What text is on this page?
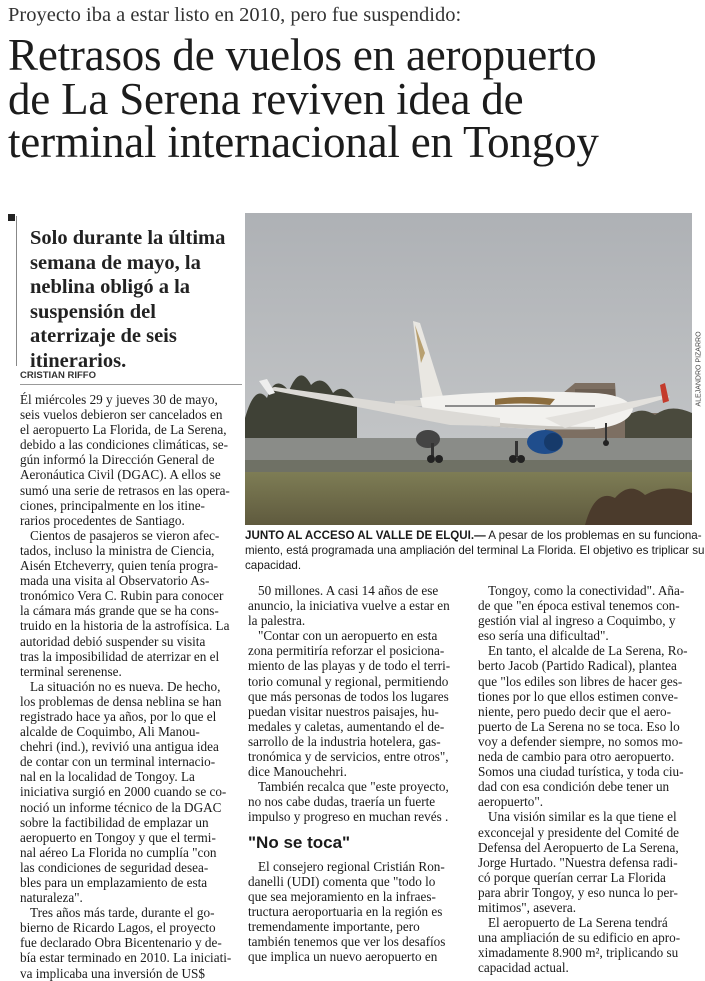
Proyecto iba a estar listo en 2010, pero fue suspendido:
Retrasos de vuelos en aeropuerto
de La Serena reviven idea de
terminal internacional en Tongoy
Solo durante la última
semana de mayo, la
neblina obligó a la
suspensión del
aterrizaje de seis
itinerarios.
CRISTIAN RIFFO	ALEJANDRO PIZARRO
JUNTO AL ACCESO AL VALLE DE ELQUI.— A pesar de los problemas en su funciona-
miento, está programada una ampliación del terminal La Florida. El objetivo es triplicar su
capacidad.
Él miércoles 29 y jueves 30 de mayo,
seis vuelos debieron ser cancelados en
el aeropuerto La Florida, de La Serena,
debido a las condiciones climáticas, se-
gún informó la Dirección General de
Aeronáutica Civil (DGAC). A ellos se
sumó una serie de retrasos en las opera-
ciones, principalmente en los itine-
rarios procedentes de Santiago.
Cientos de pasajeros se vieron afec-
tados, incluso la ministra de Ciencia,
Aisén Etcheverry, quien tenía progra-
mada una visita al Observatorio As-
tronómico Vera C. Rubin para conocer
la cámara más grande que se ha cons-
truido en la historia de la astrofísica. La
autoridad debió suspender su visita
tras la imposibilidad de aterrizar en el
terminal serenense.
La situación no es nueva. De hecho,
los problemas de densa neblina se han
registrado hace ya años, por lo que el
alcalde de Coquimbo, Ali Manou-
chehri (ind.), revivió una antigua idea
de contar con un terminal internacio-
nal en la localidad de Tongoy. La
iniciativa surgió en 2000 cuando se co-
noció un informe técnico de la DGAC
sobre la factibilidad de emplazar un
aeropuerto en Tongoy y que el termi-
nal aéreo La Florida no cumplía "con
las condiciones de seguridad desea-
bles para un emplazamiento de esta
naturaleza".
Tres años más tarde, durante el go-
bierno de Ricardo Lagos, el proyecto
fue declarado Obra Bicentenario y de-
bía estar terminado en 2010. La iniciati-
va implicaba una inversión de US$
50 millones. A casi 14 años de ese
anuncio, la iniciativa vuelve a estar en
la palestra.
"Contar con un aeropuerto en esta
zona permitiría reforzar el posiciona-
miento de las playas y de todo el terri-
torio comunal y regional, permitiendo
que más personas de todos los lugares
puedan visitar nuestros paisajes, hu-
medales y caletas, aumentando el de-
sarrollo de la industria hotelera, gas-
tronómica y de servicios, entre otros",
dice Manouchehri.
También recalca que "este proyecto,
no nos cabe dudas, traería un fuerte
impulso y progreso en muchan revés .
"No se toca"
El consejero regional Cristián Ron-
danelli (UDI) comenta que "todo lo
que sea mejoramiento en la infraes-
tructura aeroportuaria en la región es
tremendamente importante, pero
también tenemos que ver los desafíos
que implica un nuevo aeropuerto en
Tongoy, como la conectividad". Aña-
de que "en época estival tenemos con-
gestión vial al ingreso a Coquimbo, y
eso sería una dificultad".
En tanto, el alcalde de La Serena, Ro-
berto Jacob (Partido Radical), plantea
que "los ediles son libres de hacer ges-
tiones por lo que ellos estimen conve-
niente, pero puedo decir que el aero-
puerto de La Serena no se toca. Eso lo
voy a defender siempre, no somos mo-
neda de cambio para otro aeropuerto.
Somos una ciudad turística, y toda ciu-
dad con esa condición debe tener un
aeropuerto".
Una visión similar es la que tiene el
exconcejal y presidente del Comité de
Defensa del Aeropuerto de La Serena,
Jorge Hurtado. "Nuestra defensa radi-
có porque querían cerrar La Florida
para abrir Tongoy, y eso nunca lo per-
mitimos", asevera.
El aeropuerto de La Serena tendrá
una ampliación de su edificio en apro-
ximadamente 8.900 m², triplicando su
capacidad actual.
